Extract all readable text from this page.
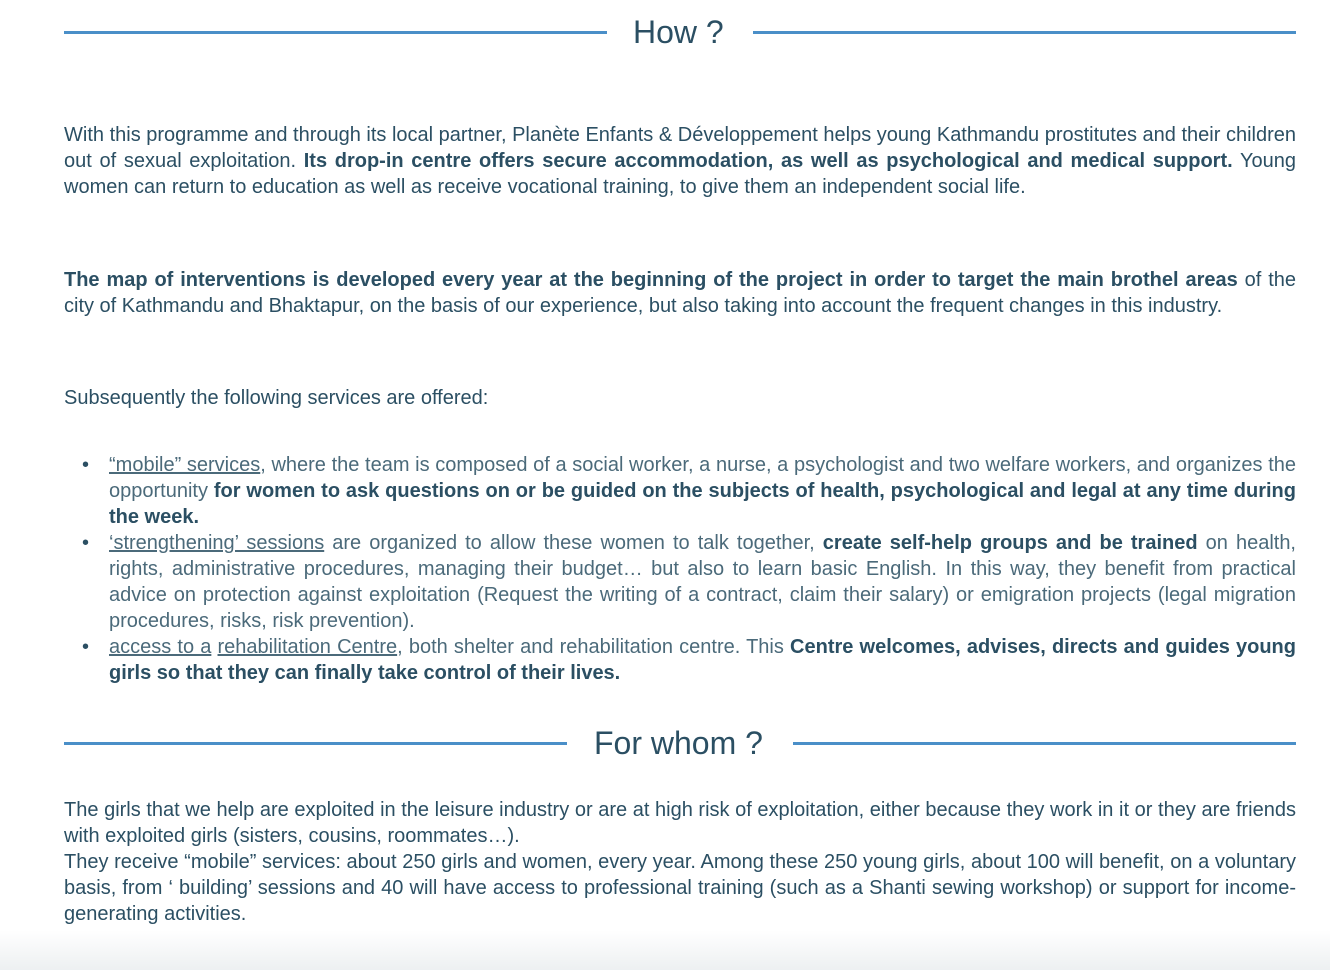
How ?

With this programme and through its local partner, Planète Enfants & Développement helps young Kathmandu prostitutes and their children out of sexual exploitation. Its drop-in centre offers secure accommodation, as well as psychological and medical support. Young women can return to education as well as receive vocational training, to give them an independent social life.

The map of interventions is developed every year at the beginning of the project in order to target the main brothel areas of the city of Kathmandu and Bhaktapur, on the basis of our experience, but also taking into account the frequent changes in this industry.

Subsequently the following services are offered:

• “mobile” services, where the team is composed of a social worker, a nurse, a psychologist and two welfare workers, and organizes the opportunity for women to ask questions on or be guided on the subjects of health, psychological and legal at any time during the week.
• ‘strengthening’ sessions are organized to allow these women to talk together, create self-help groups and be trained on health, rights, administrative procedures, managing their budget… but also to learn basic English. In this way, they benefit from practical advice on protection against exploitation (Request the writing of a contract, claim their salary) or emigration projects (legal migration procedures, risks, risk prevention).
• access to a rehabilitation Centre, both shelter and rehabilitation centre. This Centre welcomes, advises, directs and guides young girls so that they can finally take control of their lives.
For whom ?

The girls that we help are exploited in the leisure industry or are at high risk of exploitation, either because they work in it or they are friends with exploited girls (sisters, cousins, roommates…).

They receive “mobile” services: about 250 girls and women, every year. Among these 250 young girls, about 100 will benefit, on a voluntary basis, from ‘ building’ sessions and 40 will have access to professional training (such as a Shanti sewing workshop) or support for income-generating activities.
